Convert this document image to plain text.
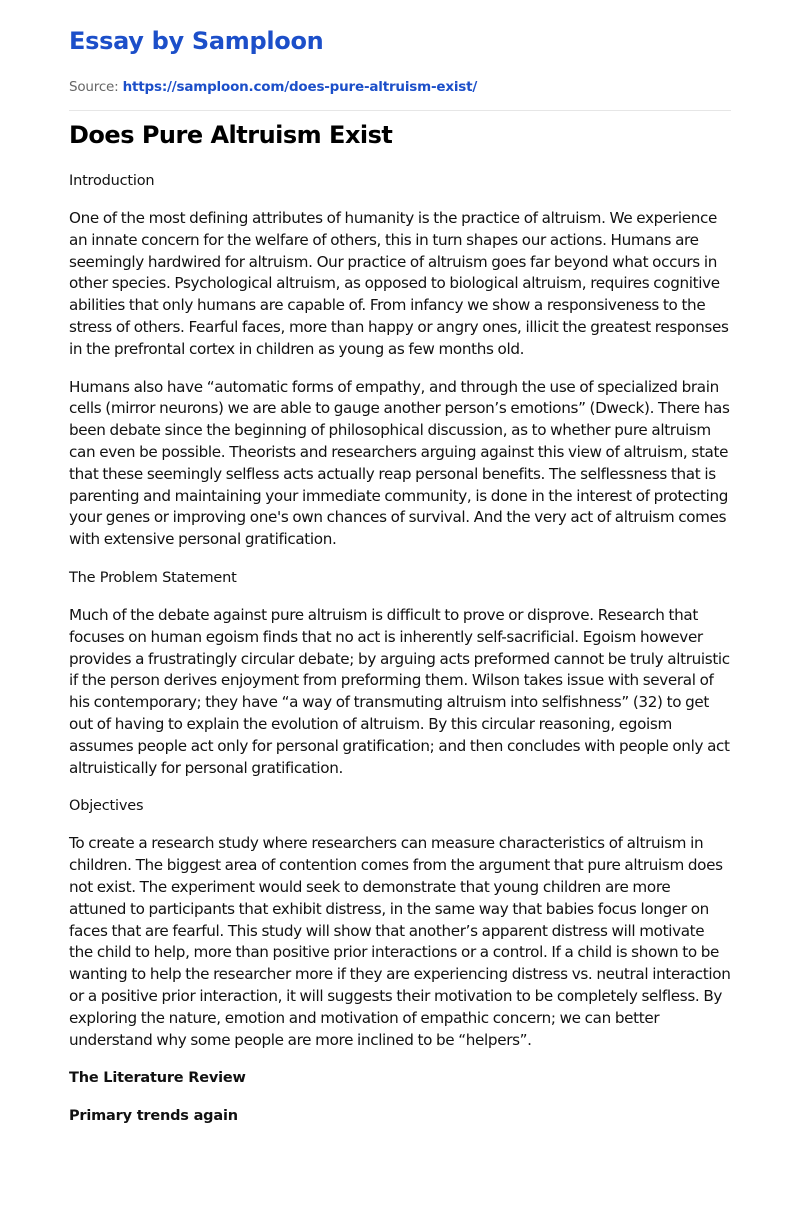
Essay by Samploon
Source: https://samploon.com/does-pure-altruism-exist/
Does Pure Altruism Exist
Introduction

One of the most defining attributes of humanity is the practice of altruism. We experience an innate concern for the welfare of others, this in turn shapes our actions. Humans are seemingly hardwired for altruism. Our practice of altruism goes far beyond what occurs in other species. Psychological altruism, as opposed to biological altruism, requires cognitive abilities that only humans are capable of. From infancy we show a responsiveness to the stress of others. Fearful faces, more than happy or angry ones, illicit the greatest responses in the prefrontal cortex in children as young as few months old.

Humans also have “automatic forms of empathy, and through the use of specialized brain cells (mirror neurons) we are able to gauge another person’s emotions” (Dweck). There has been debate since the beginning of philosophical discussion, as to whether pure altruism can even be possible. Theorists and researchers arguing against this view of altruism, state that these seemingly selfless acts actually reap personal benefits. The selflessness that is parenting and maintaining your immediate community, is done in the interest of protecting your genes or improving one's own chances of survival. And the very act of altruism comes with extensive personal gratification.

The Problem Statement

Much of the debate against pure altruism is difficult to prove or disprove. Research that focuses on human egoism finds that no act is inherently self-sacrificial. Egoism however provides a frustratingly circular debate; by arguing acts preformed cannot be truly altruistic if the person derives enjoyment from preforming them. Wilson takes issue with several of his contemporary; they have “a way of transmuting altruism into selfishness” (32) to get out of having to explain the evolution of altruism. By this circular reasoning, egoism assumes people act only for personal gratification; and then concludes with people only act altruistically for personal gratification.

Objectives

To create a research study where researchers can measure characteristics of altruism in children. The biggest area of contention comes from the argument that pure altruism does not exist. The experiment would seek to demonstrate that young children are more attuned to participants that exhibit distress, in the same way that babies focus longer on faces that are fearful. This study will show that another’s apparent distress will motivate the child to help, more than positive prior interactions or a control. If a child is shown to be wanting to help the researcher more if they are experiencing distress vs. neutral interaction or a positive prior interaction, it will suggests their motivation to be completely selfless. By exploring the nature, emotion and motivation of empathic concern; we can better understand why some people are more inclined to be “helpers”.

The Literature Review
Primary trends again
